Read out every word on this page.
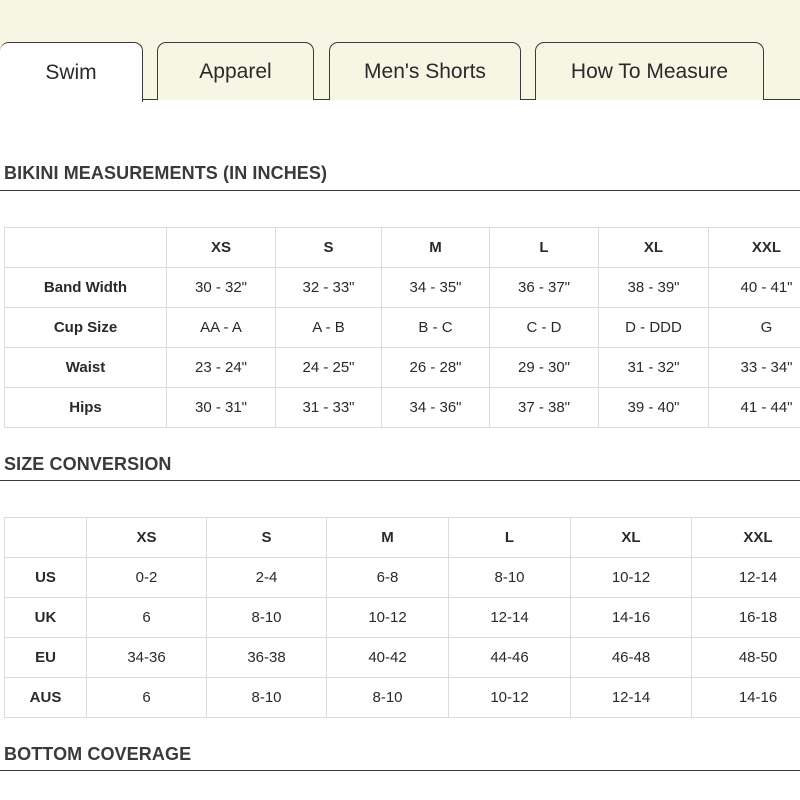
Swim	Apparel	Men's Shorts	How To Measure
BIKINI MEASUREMENTS (IN INCHES)
	XS	S	M	L	XL	XXL
Band Width	30 - 32"	32 - 33"	34 - 35"	36 - 37"	38 - 39"	40 - 41"
Cup Size	AA - A	A - B	B - C	C - D	D - DDD	G
Waist	23 - 24"	24 - 25"	26 - 28"	29 - 30"	31 - 32"	33 - 34"
Hips	30 - 31"	31 - 33"	34 - 36"	37 - 38"	39 - 40"	41 - 44"
SIZE CONVERSION
	XS	S	M	L	XL	XXL
US	0-2	2-4	6-8	8-10	10-12	12-14
UK	6	8-10	10-12	12-14	14-16	16-18
EU	34-36	36-38	40-42	44-46	46-48	48-50
AUS	6	8-10	8-10	10-12	12-14	14-16
BOTTOM COVERAGE
